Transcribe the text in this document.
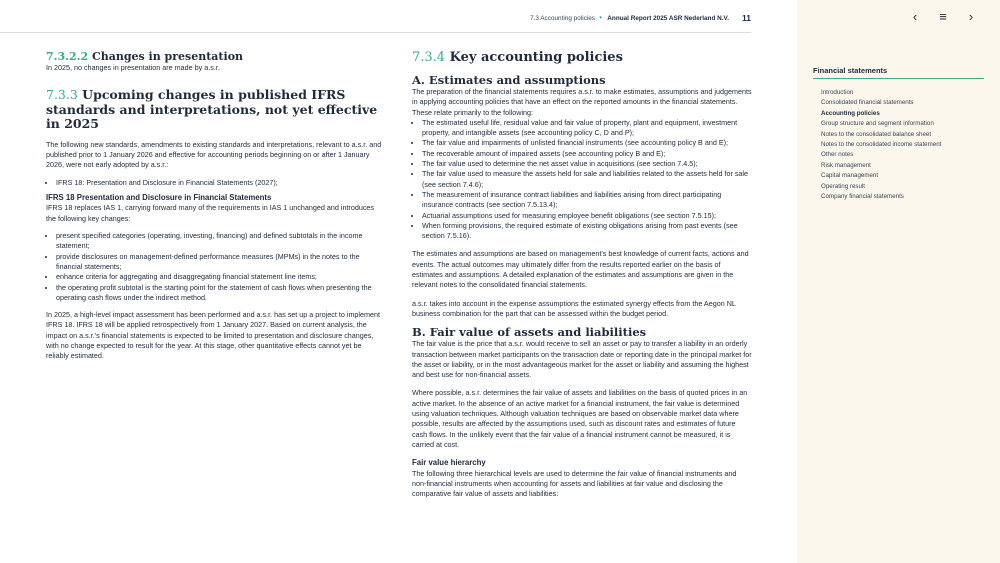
7.3 Accounting policies • Annual Report 2025 ASR Nederland N.V. 11
7.3.2.2 Changes in presentation

In 2025, no changes in presentation are made by a.s.r.

7.3.3 Upcoming changes in published IFRS standards and interpretations, not yet effective in 2025

The following new standards, amendments to existing standards and interpretations, relevant to a.s.r. and published prior to 1 January 2026 and effective for accounting periods beginning on or after 1 January 2026, were not early adopted by a.s.r.:

• IFRS 18: Presentation and Disclosure in Financial Statements (2027);

IFRS 18 Presentation and Disclosure in Financial Statements

IFRS 18 replaces IAS 1, carrying forward many of the requirements in IAS 1 unchanged and introduces the following key changes:

• present specified categories (operating, investing, financing) and defined subtotals in the income statement;
• provide disclosures on management-defined performance measures (MPMs) in the notes to the financial statements;
• enhance criteria for aggregating and disaggregating financial statement line items;
• the operating profit subtotal is the starting point for the statement of cash flows when presenting the operating cash flows under the indirect method.

In 2025, a high-level impact assessment has been performed and a.s.r. has set up a project to implement IFRS 18. IFRS 18 will be applied retrospectively from 1 January 2027. Based on current analysis, the impact on a.s.r.'s financial statements is expected to be limited to presentation and disclosure changes, with no change expected to result for the year. At this stage, other quantitative effects cannot yet be reliably estimated.

7.3.4 Key accounting policies
A. Estimates and assumptions

The preparation of the financial statements requires a.s.r. to make estimates, assumptions and judgements in applying accounting policies that have an effect on the reported amounts in the financial statements. These relate primarily to the following:

• The estimated useful life, residual value and fair value of property, plant and equipment, investment property, and intangible assets (see accounting policy C, D and P);
• The fair value and impairments of unlisted financial instruments (see accounting policy B and E);
• The recoverable amount of impaired assets (see accounting policy B and E);
• The fair value used to determine the net asset value in acquisitions (see section 7.4.5);
• The fair value used to measure the assets held for sale and liabilities related to the assets held for sale (see section 7.4.6);
• The measurement of insurance contract liabilities and liabilities arising from direct participating insurance contracts (see section 7.5.13.4);
• Actuarial assumptions used for measuring employee benefit obligations (see section 7.5.15);
• When forming provisions, the required estimate of existing obligations arising from past events (see section 7.5.16).

The estimates and assumptions are based on management's best knowledge of current facts, actions and events. The actual outcomes may ultimately differ from the results reported earlier on the basis of estimates and assumptions. A detailed explanation of the estimates and assumptions are given in the relevant notes to the consolidated financial statements.

a.s.r. takes into account in the expense assumptions the estimated synergy effects from the Aegon NL business combination for the part that can be assessed within the budget period.

B. Fair value of assets and liabilities

The fair value is the price that a.s.r. would receive to sell an asset or pay to transfer a liability in an orderly transaction between market participants on the transaction date or reporting date in the principal market for the asset or liability, or in the most advantageous market for the asset or liability and assuming the highest and best use for non-financial assets.

Where possible, a.s.r. determines the fair value of assets and liabilities on the basis of quoted prices in an active market. In the absence of an active market for a financial instrument, the fair value is determined using valuation techniques. Although valuation techniques are based on observable market data where possible, results are affected by the assumptions used, such as discount rates and estimates of future cash flows. In the unlikely event that the fair value of a financial instrument cannot be measured, it is carried at cost.

Fair value hierarchy

The following three hierarchical levels are used to determine the fair value of financial instruments and non-financial instruments when accounting for assets and liabilities at fair value and disclosing the comparative fair value of assets and liabilities:

‹	≡	›
Financial statements
Introduction
Consolidated financial statements
Accounting policies
Group structure and segment information
Notes to the consolidated balance sheet
Notes to the consolidated income statement
Other notes
Risk management
Capital management
Operating result
Company financial statements
